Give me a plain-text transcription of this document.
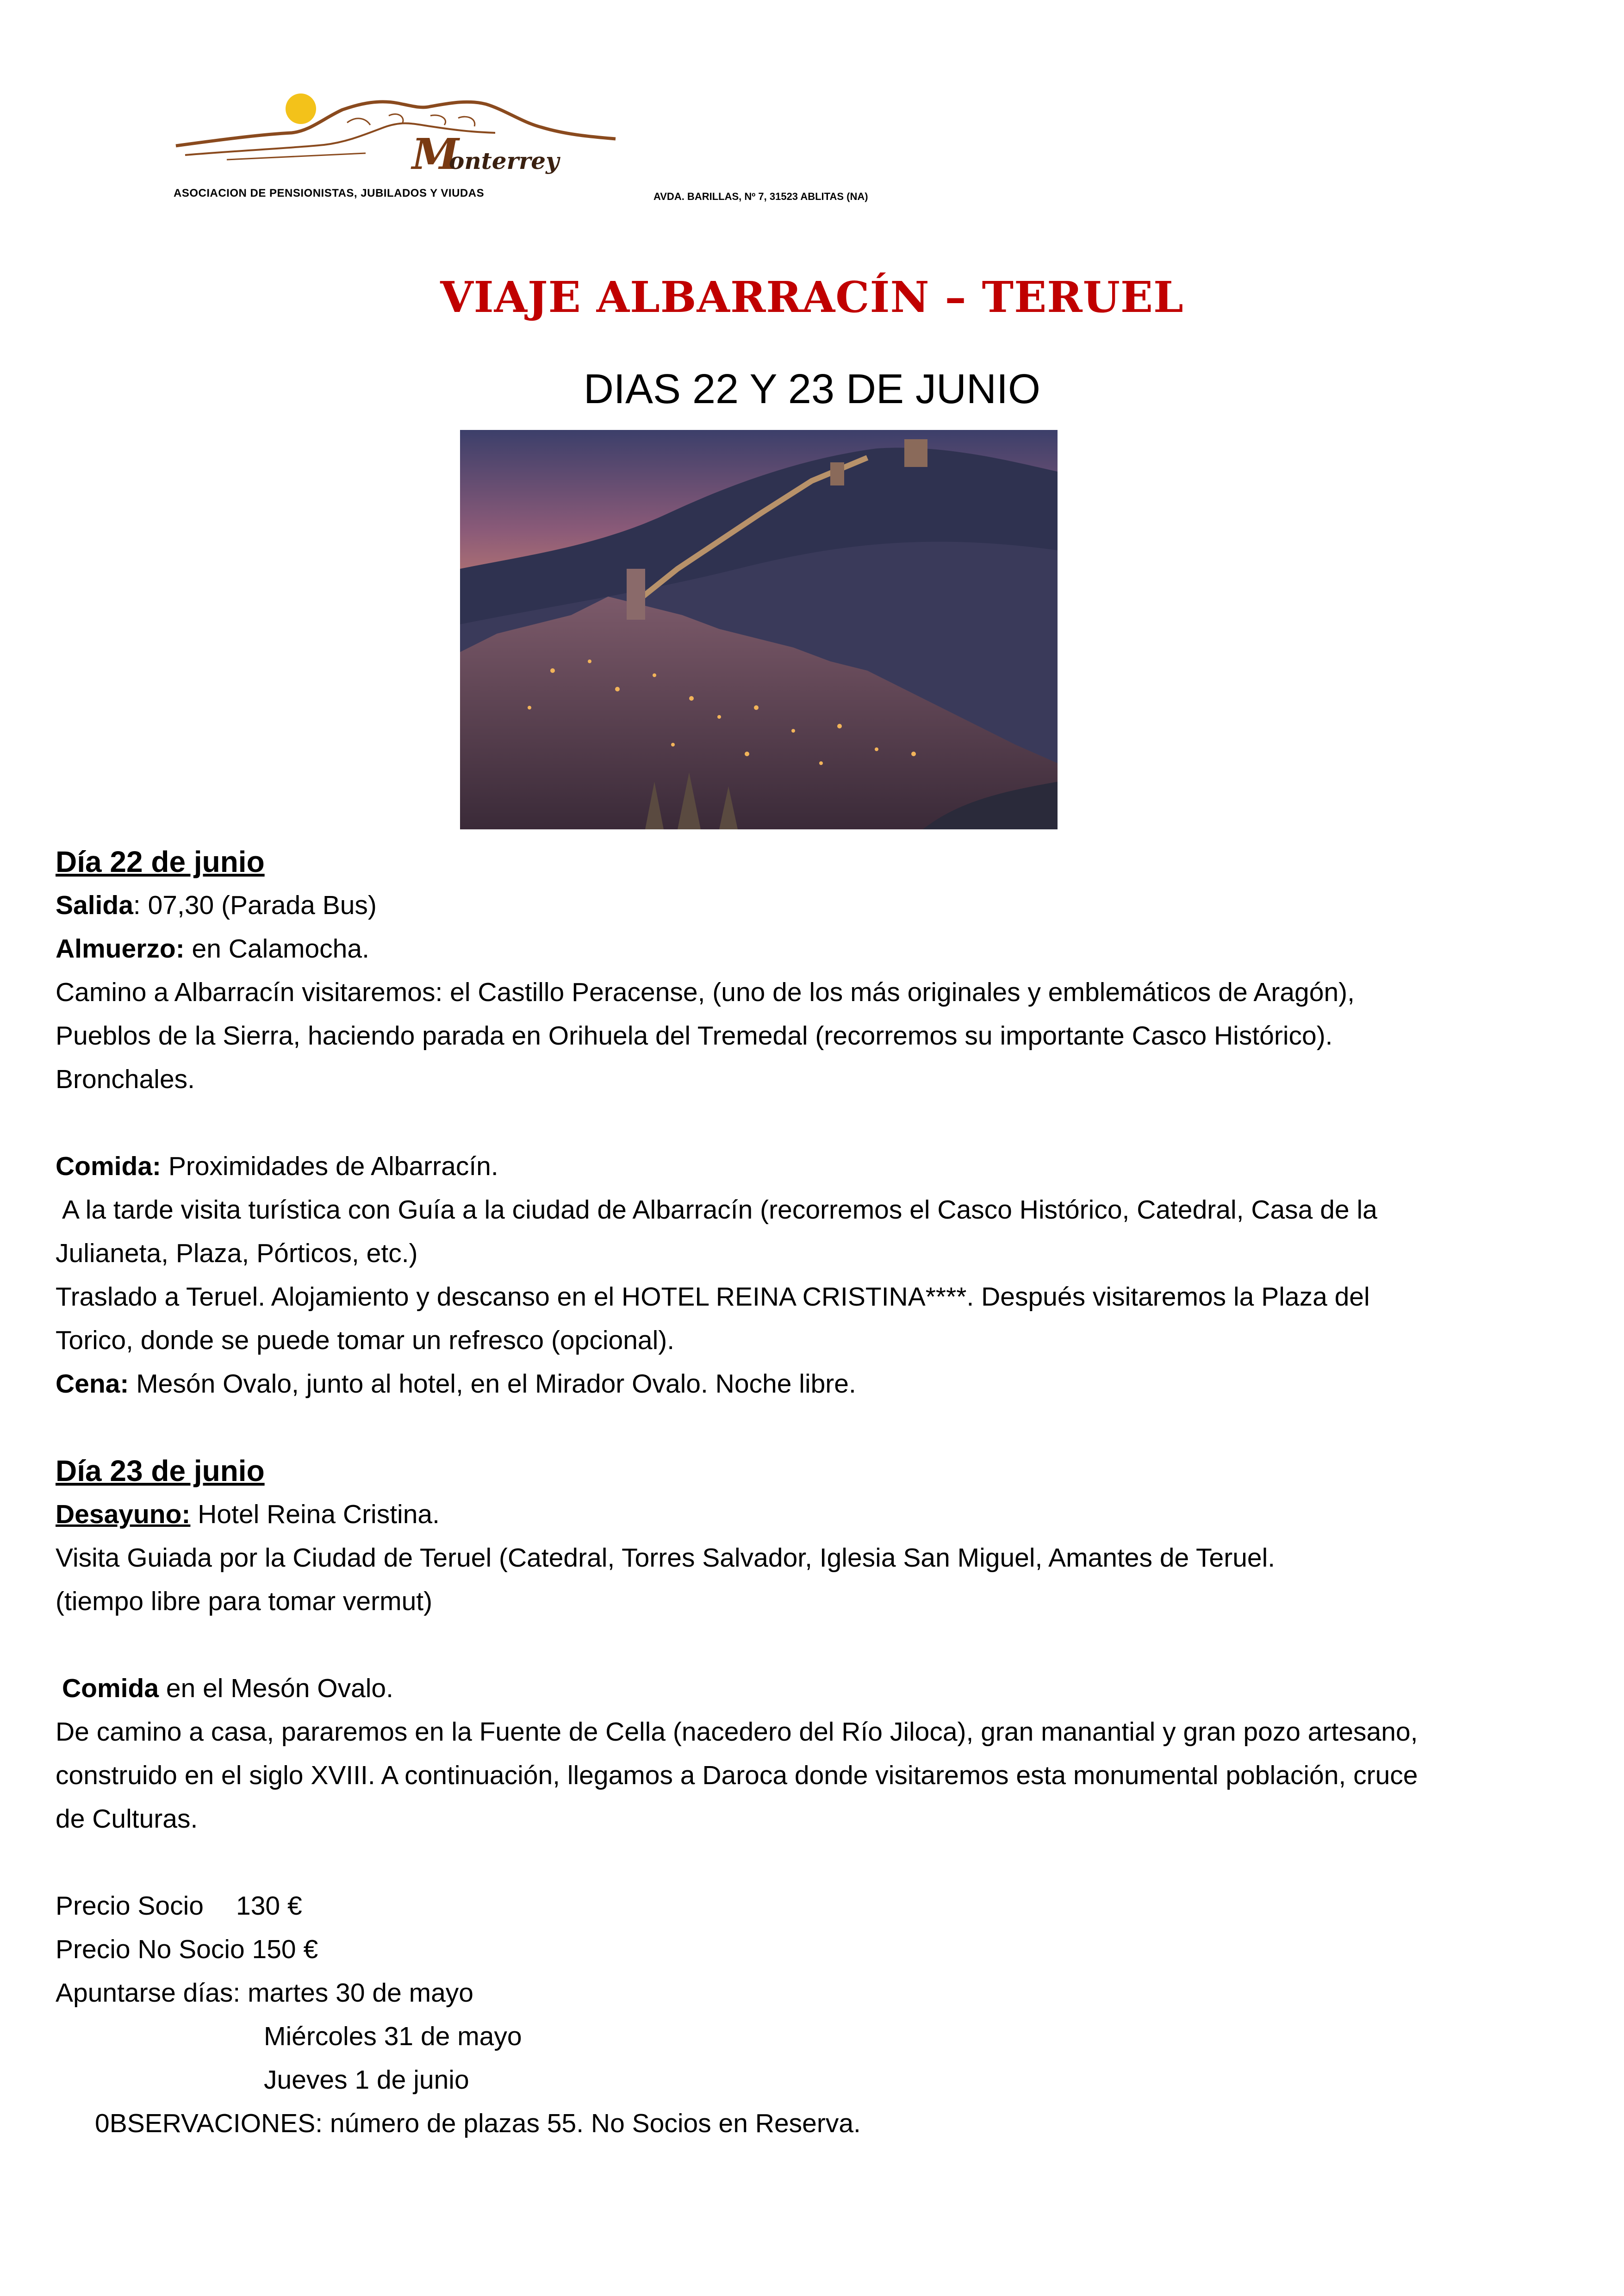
M
onterrey
ASOCIACION DE PENSIONISTAS, JUBILADOS Y VIUDAS	AVDA. BARILLAS, Nº 7, 31523 ABLITAS (NA)
VIAJE ALBARRACÍN – TERUEL
DIAS 22 Y 23 DE JUNIO
Día 22 de junio
Salida: 07,30 (Parada Bus)
Almuerzo: en Calamocha.
Camino a Albarracín visitaremos: el Castillo Peracense, (uno de los más originales y emblemáticos de Aragón),
Pueblos de la Sierra, haciendo parada en Orihuela del Tremedal (recorremos su importante Casco Histórico).
Bronchales.
Comida: Proximidades de Albarracín.
A la tarde visita turística con Guía a la ciudad de Albarracín (recorremos el Casco Histórico, Catedral, Casa de la
Julianeta, Plaza, Pórticos, etc.)
Traslado a Teruel. Alojamiento y descanso en el HOTEL REINA CRISTINA****. Después visitaremos la Plaza del
Torico, donde se puede tomar un refresco (opcional).
Cena: Mesón Ovalo, junto al hotel, en el Mirador Ovalo. Noche libre.
Día 23 de junio
Desayuno: Hotel Reina Cristina.
Visita Guiada por la Ciudad de Teruel (Catedral, Torres Salvador, Iglesia San Miguel, Amantes de Teruel.
(tiempo libre para tomar vermut)
Comida en el Mesón Ovalo.
De camino a casa, pararemos en la Fuente de Cella (nacedero del Río Jiloca), gran manantial y gran pozo artesano,
construido en el siglo XVIII. A continuación, llegamos a Daroca donde visitaremos esta monumental población, cruce
de Culturas.
Precio Socio 130 €
Precio No Socio 150 €
Apuntarse días: martes 30 de mayo
Miércoles 31 de mayo
Jueves 1 de junio
0BSERVACIONES: número de plazas 55. No Socios en Reserva.
